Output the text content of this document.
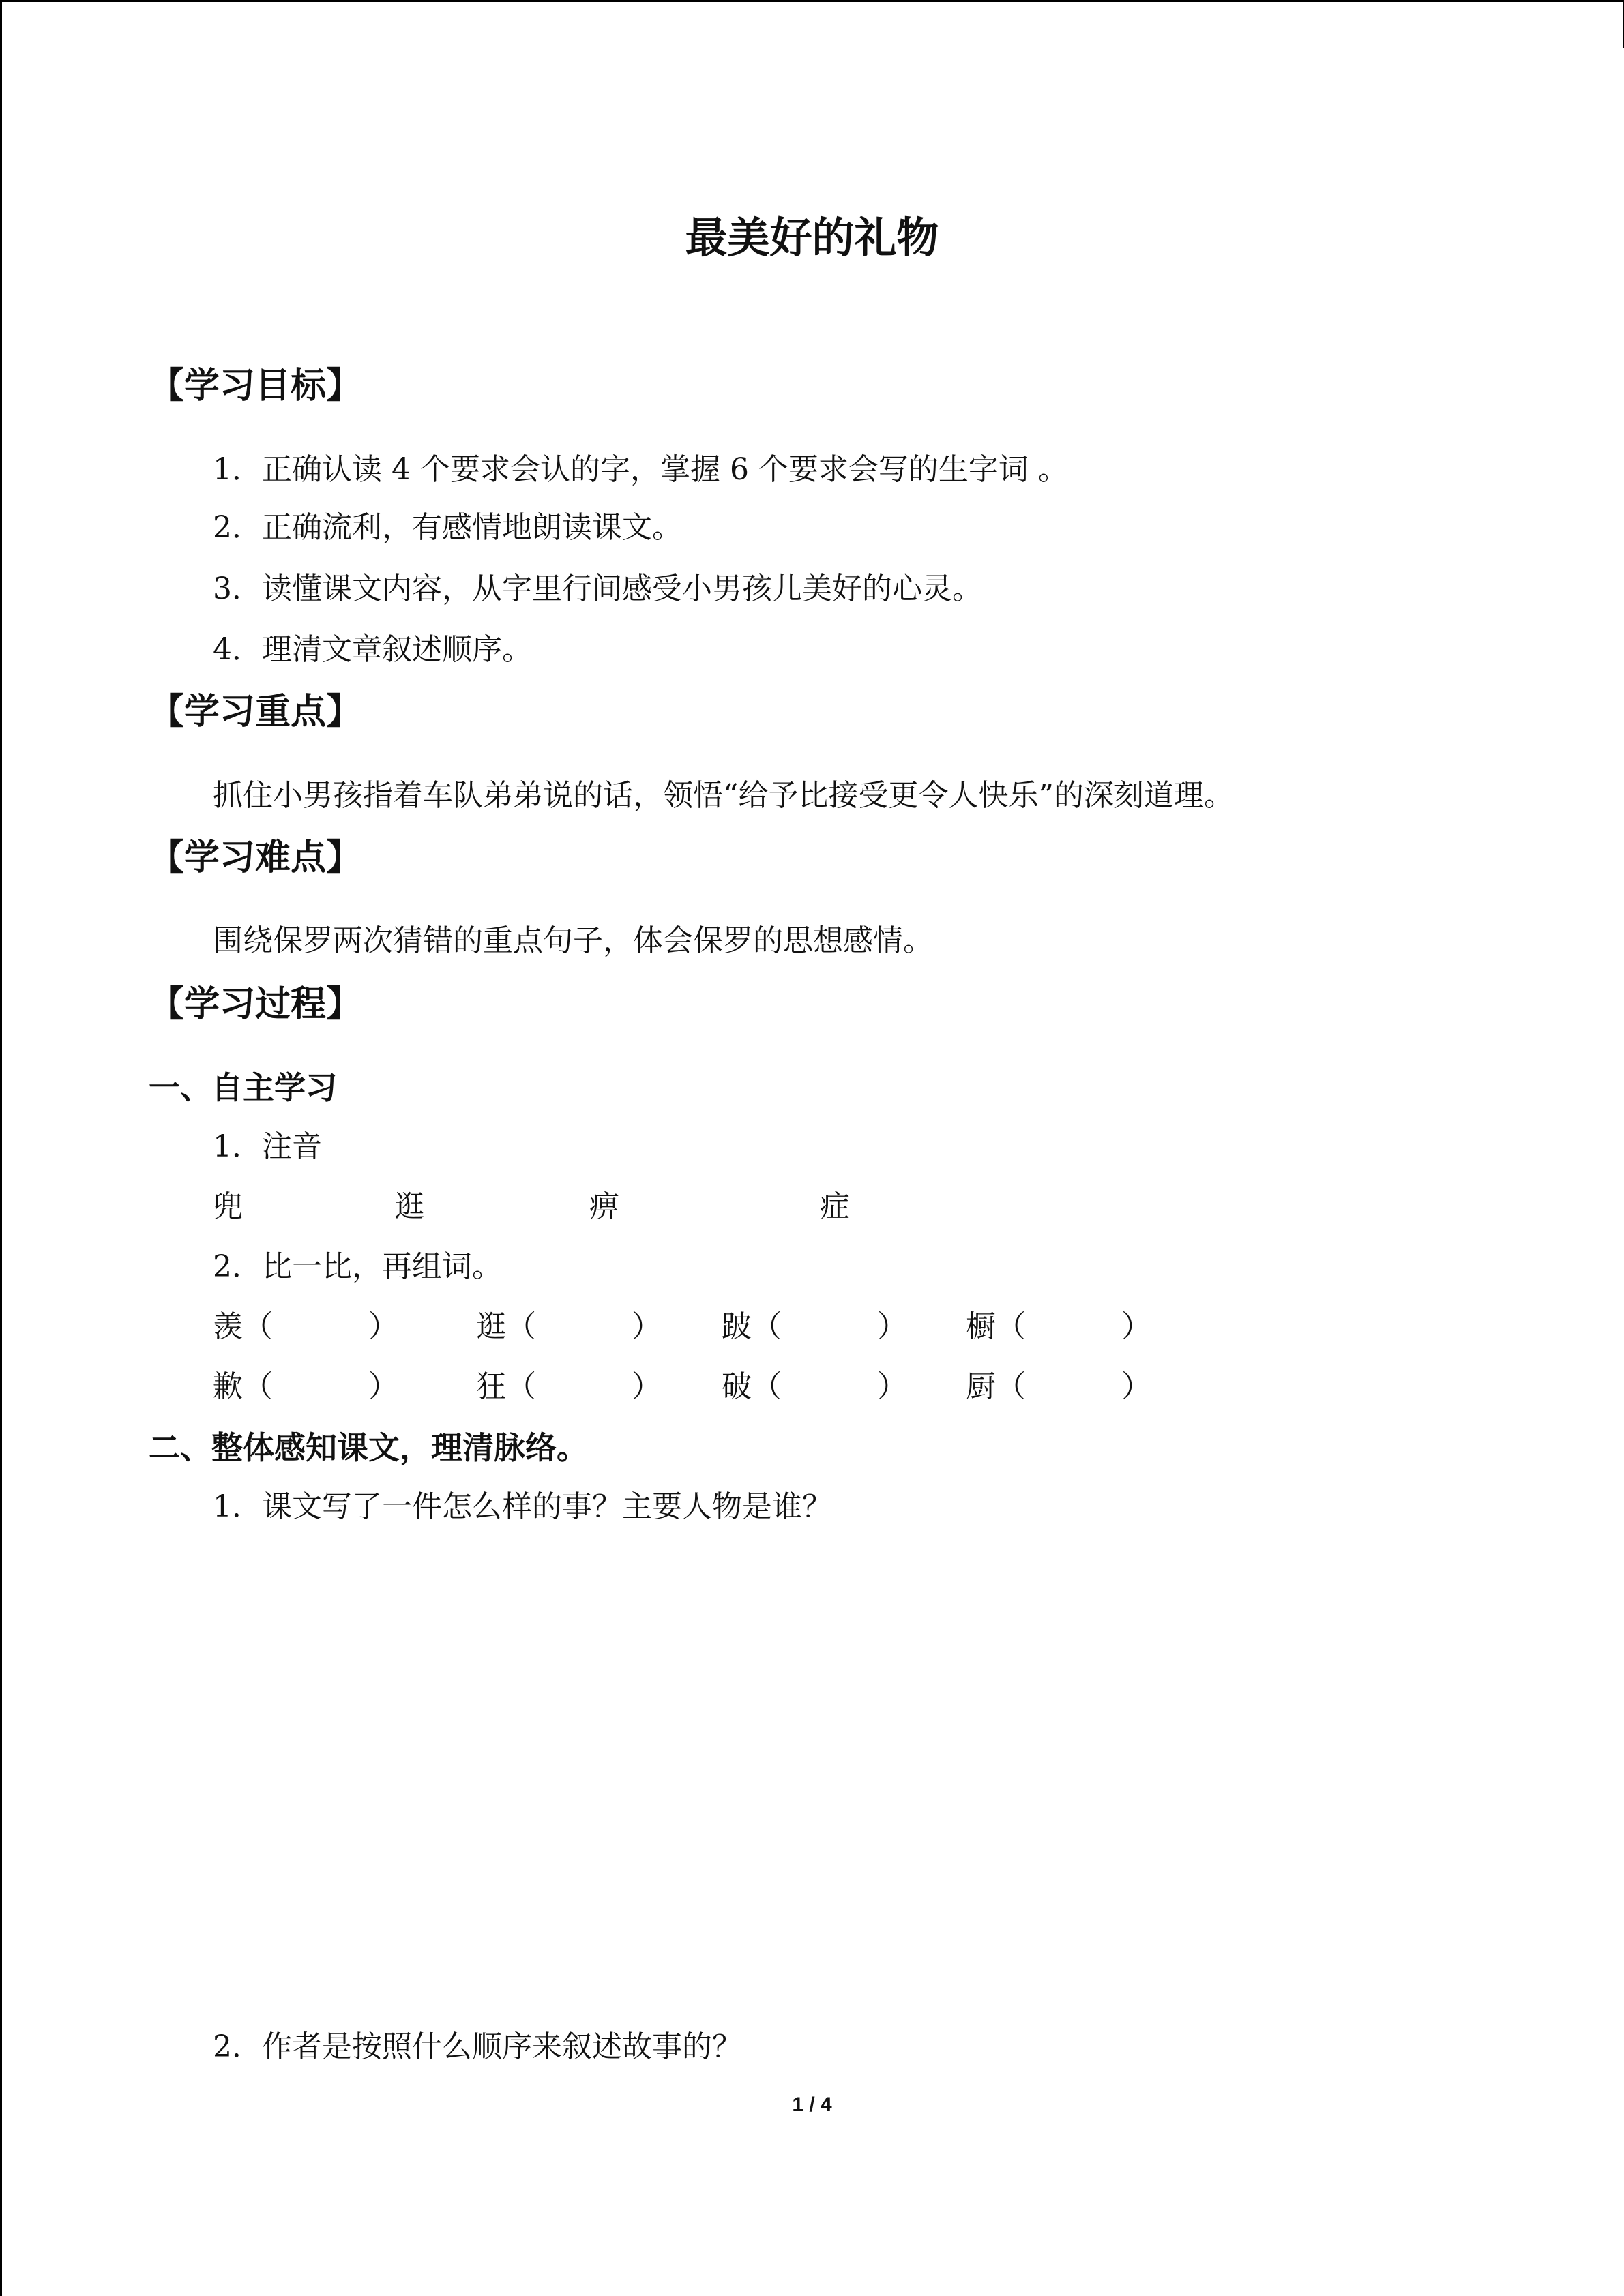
最美好的礼物
【学习目标】
1．正确认读 4 个要求会认的字，掌握 6 个要求会写的生字词 。
2．正确流利，有感情地朗读课文。
3．读懂课文内容，从字里行间感受小男孩儿美好的心灵。
4．理清文章叙述顺序。
【学习重点】
抓住小男孩指着车队弟弟说的话，领悟“给予比接受更令人快乐”的深刻道理。
【学习难点】
围绕保罗两次猜错的重点句子，体会保罗的思想感情。
【学习过程】
一、自主学习
1．注音
兜	逛	痹	症
2．比一比，再组词。
羡 （	）	逛 （	） 跛 （	） 橱 （	）
歉 （	）	狂 （	） 破 （	） 厨 （	）
二、整体感知课文，理清脉络。
1．课文写了一件怎么样的事？主要人物是谁？
2．作者是按照什么顺序来叙述故事的？
1 / 4
